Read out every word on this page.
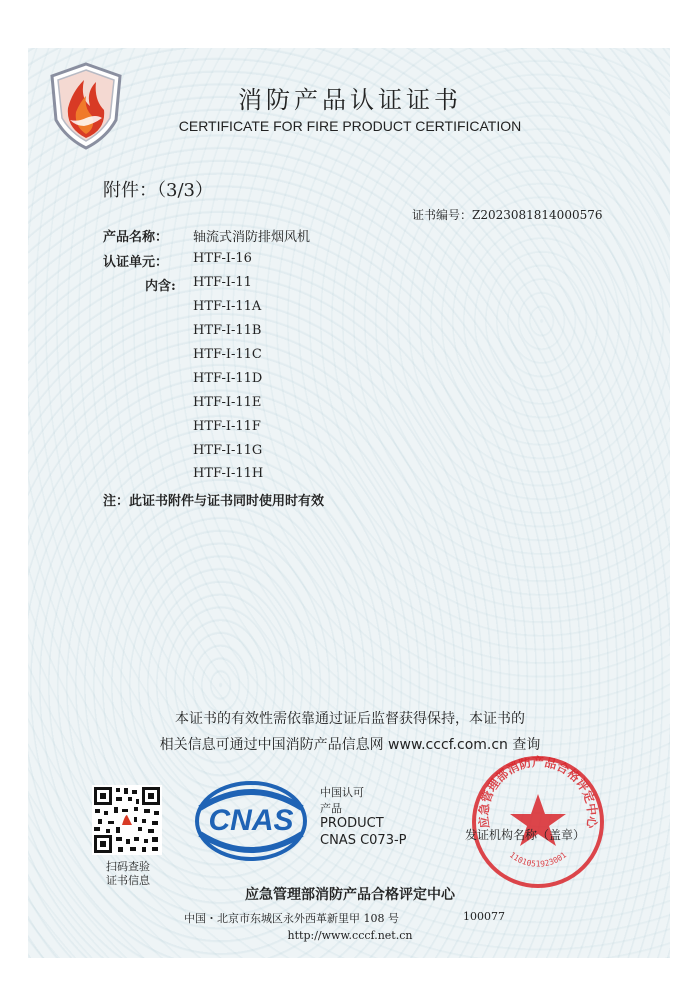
消防产品认证证书
CERTIFICATE FOR FIRE PRODUCT CERTIFICATION
附件：（3/3）
证书编号：Z2023081814000576
产品名称： 轴流式消防排烟风机
认证单元： HTF-I-16
内含: HTF-I-11
HTF-I-11A
HTF-I-11B
HTF-I-11C
HTF-I-11D
HTF-I-11E
HTF-I-11F
HTF-I-11G
HTF-I-11H
注：此证书附件与证书同时使用时有效
本证书的有效性需依靠通过证后监督获得保持，本证书的
相关信息可通过中国消防产品信息网 www.cccf.com.cn 查询
扫码查验
证书信息
CNAS
中国认可
产品
PRODUCT
CNAS C073-P
应急管理部消防产品合格评定中心
1101051923001
发证机构名称（盖章）
应急管理部消防产品合格评定中心
中国・北京市东城区永外西革新里甲 108 号	100077
http://www.cccf.net.cn
